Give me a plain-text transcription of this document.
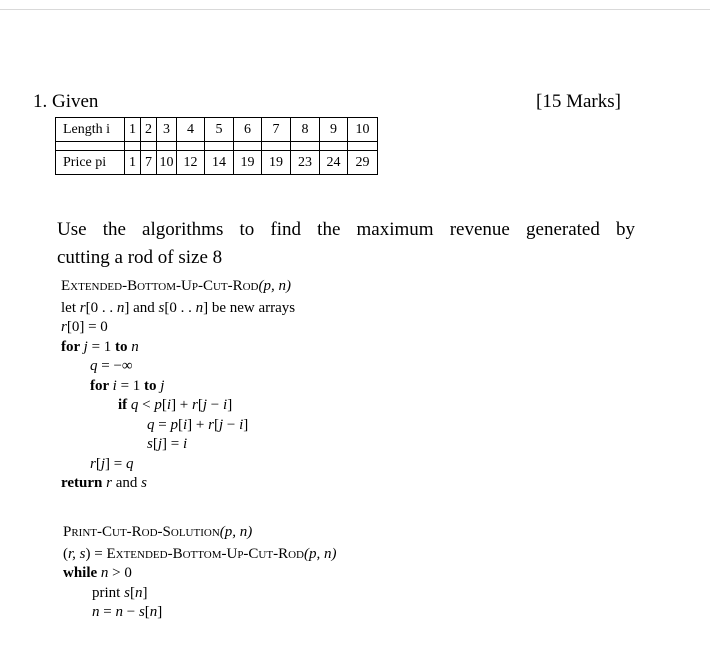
1. Given	[15 Marks]
Length i	1	2	3	4	5	6	7	8	9	10

Price pi	1	7	10	12	14	19	19	23	24	29
Use the algorithms to find the maximum revenue generated by
cutting a rod of size 8
Extended-Bottom-Up-Cut-Rod(p, n)
let r[0 . . n] and s[0 . . n] be new arrays
r[0] = 0
for j = 1 to n
q = −∞
for i = 1 to j
if q < p[i] + r[j − i]
q = p[i] + r[j − i]
s[j] = i
r[j] = q
return r and s
Print-Cut-Rod-Solution(p, n)
(r, s) = Extended-Bottom-Up-Cut-Rod(p, n)
while n > 0
print s[n]
n = n − s[n]
